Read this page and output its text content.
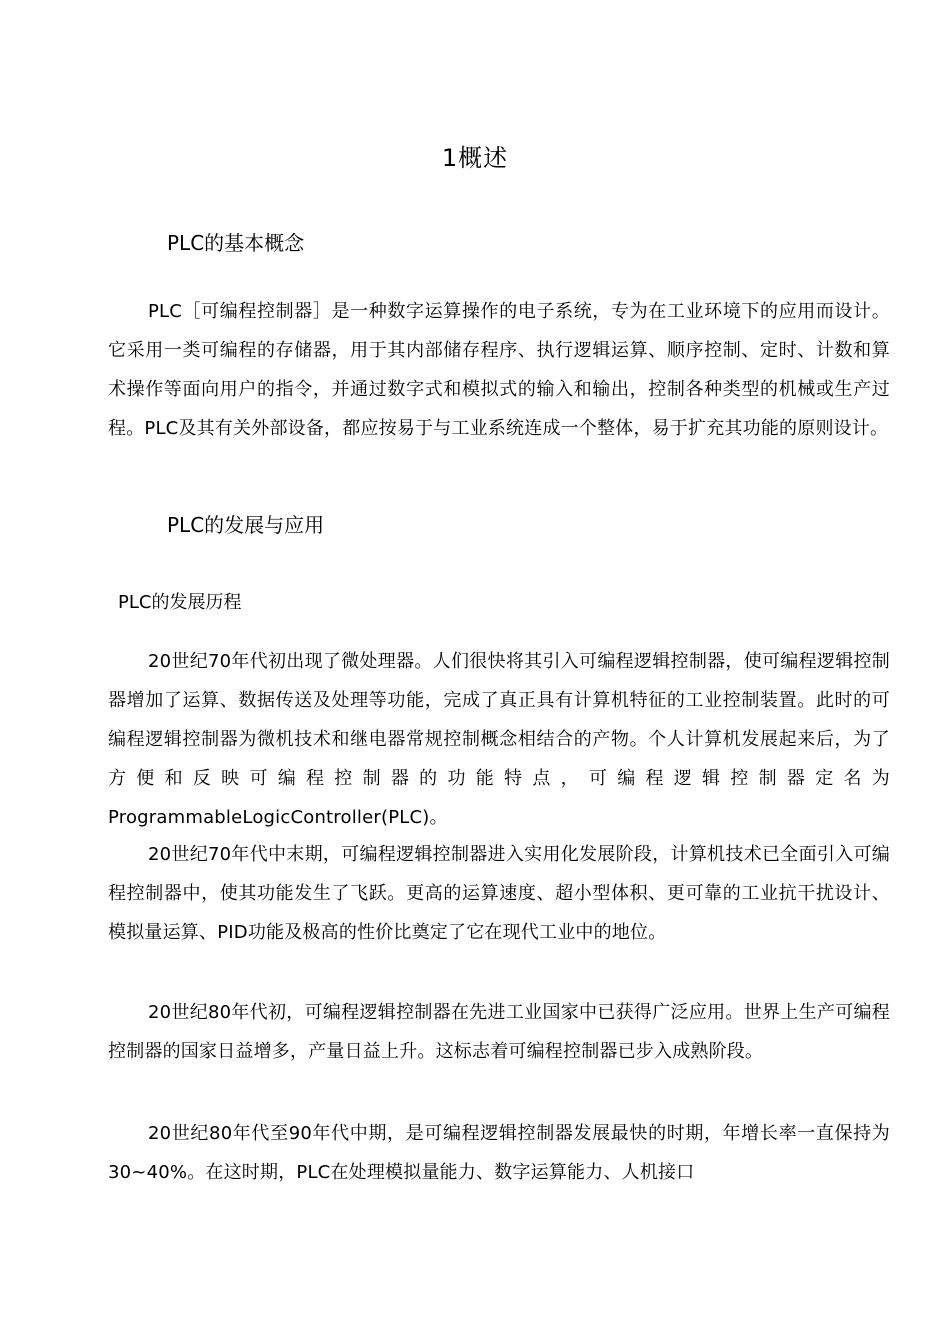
1概述
PLC的基本概念

PLC［可编程控制器］是一种数字运算操作的电子系统，专为在工业环境下的应用而设计。它采用一类可编程的存储器，用于其内部储存程序、执行逻辑运算、顺序控制、定时、计数和算术操作等面向用户的指令，并通过数字式和模拟式的输入和输出，控制各种类型的机械或生产过程。PLC及其有关外部设备，都应按易于与工业系统连成一个整体，易于扩充其功能的原则设计。

PLC的发展与应用
PLC的发展历程

20世纪70年代初出现了微处理器。人们很快将其引入可编程逻辑控制器，使可编程逻辑控制器增加了运算、数据传送及处理等功能，完成了真正具有计算机特征的工业控制装置。此时的可编程逻辑控制器为微机技术和继电器常规控制概念相结合的产物。个人计算机发展起来后，为了方便和反映可编程控制器的功能特点，可编程逻辑控制器定名为ProgrammableLogicController(PLC)。

20世纪70年代中末期，可编程逻辑控制器进入实用化发展阶段，计算机技术已全面引入可编程控制器中，使其功能发生了飞跃。更高的运算速度、超小型体积、更可靠的工业抗干扰设计、模拟量运算、PID功能及极高的性价比奠定了它在现代工业中的地位。

20世纪80年代初，可编程逻辑控制器在先进工业国家中已获得广泛应用。世界上生产可编程控制器的国家日益增多，产量日益上升。这标志着可编程控制器已步入成熟阶段。

20世纪80年代至90年代中期，是可编程逻辑控制器发展最快的时期，年增长率一直保持为30~40%。在这时期，PLC在处理模拟量能力、数字运算能力、人机接口
